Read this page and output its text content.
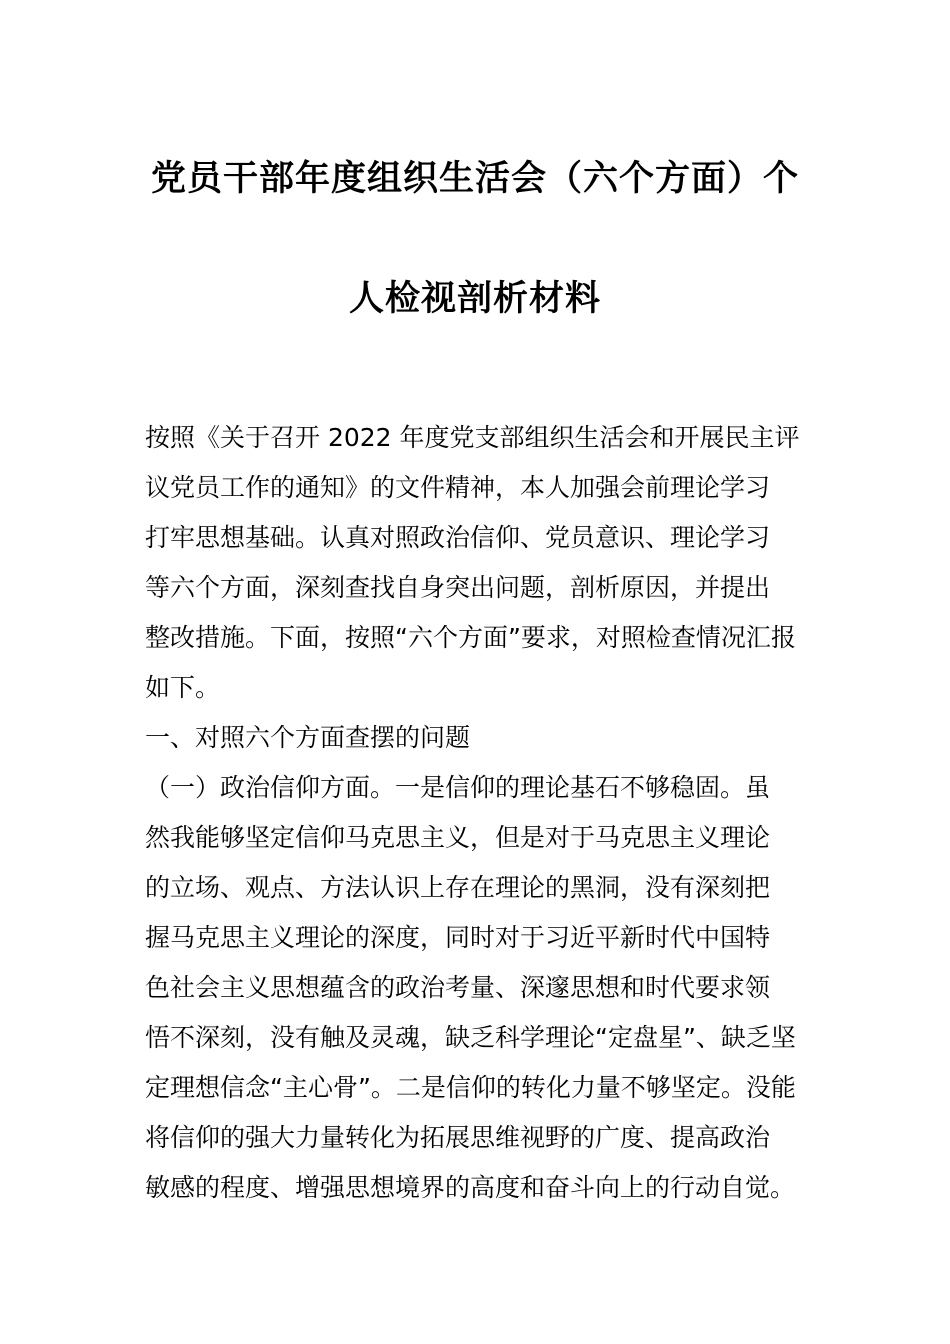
党员干部年度组织生活会（六个方面）个
人检视剖析材料
按照《关于召开 2022 年度党支部组织生活会和开展民主评
议党员工作的通知》的文件精神，本人加强会前理论学习
打牢思想基础。认真对照政治信仰、党员意识、理论学习
等六个方面，深刻查找自身突出问题，剖析原因，并提出
整改措施。下面，按照“六个方面”要求，对照检查情况汇报
如下。
一、对照六个方面查摆的问题
（一）政治信仰方面。一是信仰的理论基石不够稳固。虽
然我能够坚定信仰马克思主义，但是对于马克思主义理论
的立场、观点、方法认识上存在理论的黑洞，没有深刻把
握马克思主义理论的深度，同时对于习近平新时代中国特
色社会主义思想蕴含的政治考量、深邃思想和时代要求领
悟不深刻，没有触及灵魂，缺乏科学理论“定盘星”、缺乏坚
定理想信念“主心骨”。二是信仰的转化力量不够坚定。没能
将信仰的强大力量转化为拓展思维视野的广度、提高政治
敏感的程度、增强思想境界的高度和奋斗向上的行动自觉。
